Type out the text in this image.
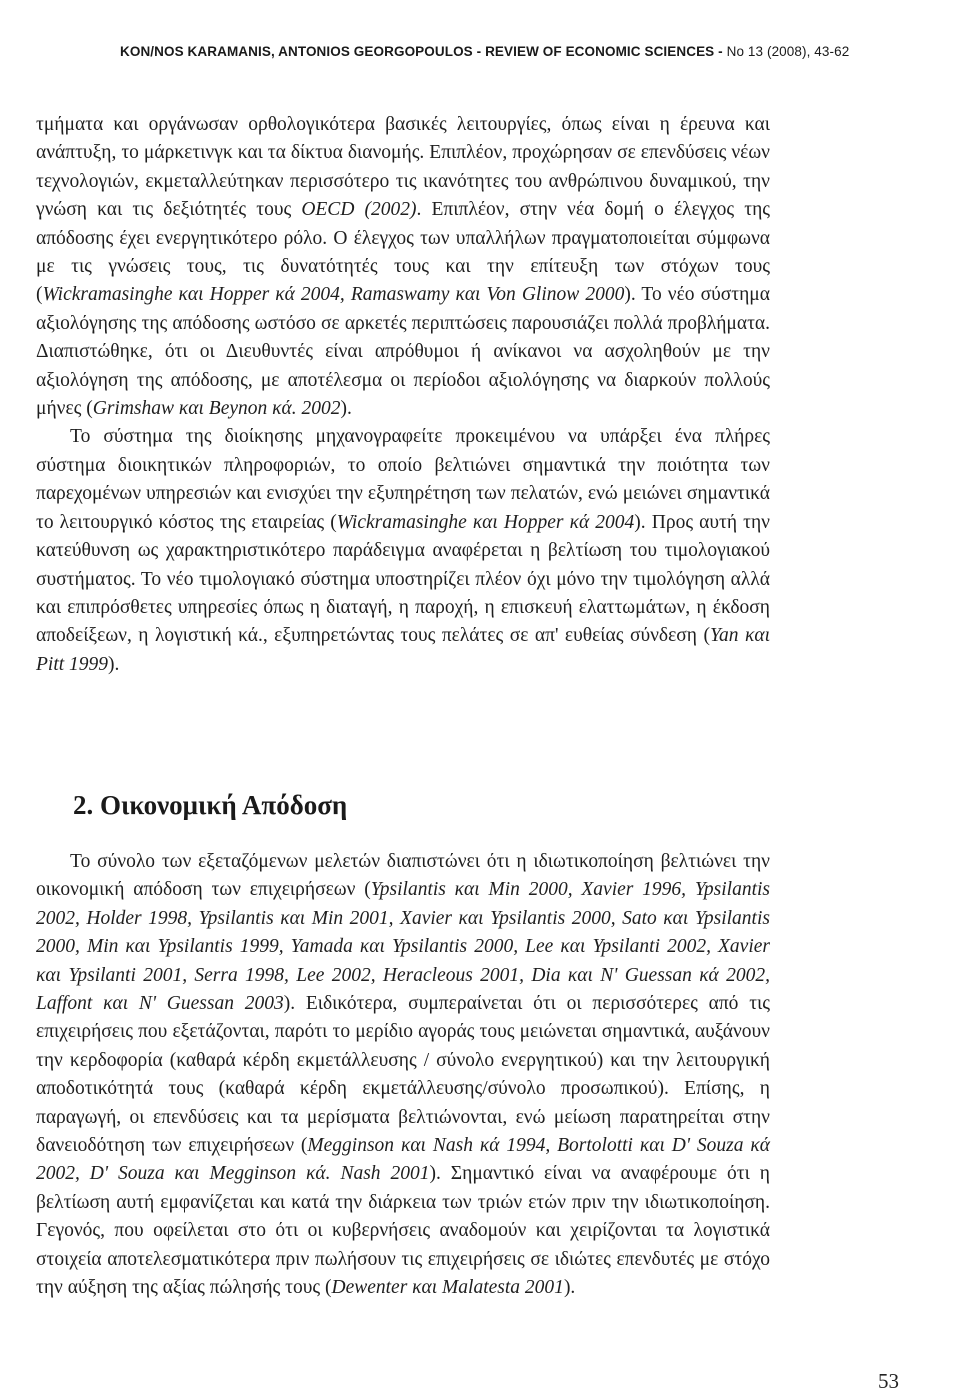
KON/NOS KARAMANIS, ANTONIOS GEORGOPOULOS - REVIEW OF ECONOMIC SCIENCES - No 13 (2008), 43-62

τμήματα και οργάνωσαν ορθολογικότερα βασικές λειτουργίες, όπως είναι η έρευνα και ανάπτυξη, το μάρκετινγκ και τα δίκτυα διανομής. Επιπλέον, προχώρησαν σε επενδύσεις νέων τεχνολογιών, εκμεταλλεύτηκαν περισσότερο τις ικανότητες του ανθρώπινου δυναμικού, την γνώση και τις δεξιότητές τους OECD (2002). Επιπλέον, στην νέα δομή ο έλεγχος της απόδοσης έχει ενεργητικότερο ρόλο. Ο έλεγχος των υπαλλήλων πραγματοποιείται σύμφωνα με τις γνώσεις τους, τις δυνατότητές τους και την επίτευξη των στόχων τους (Wickramasinghe και Hopper κά 2004, Ramaswamy και Von Glinow 2000). Το νέο σύστημα αξιολόγησης της απόδοσης ωστόσο σε αρκετές περιπτώσεις παρουσιάζει πολλά προβλήματα. Διαπιστώθηκε, ότι οι Διευθυντές είναι απρόθυμοι ή ανίκανοι να ασχοληθούν με την αξιολόγηση της απόδοσης, με αποτέλεσμα οι περίοδοι αξιολόγησης να διαρκούν πολλούς μήνες (Grimshaw και Beynon κά. 2002).

Το σύστημα της διοίκησης μηχανογραφείτε προκειμένου να υπάρξει ένα πλήρες σύστημα διοικητικών πληροφοριών, το οποίο βελτιώνει σημαντικά την ποιότητα των παρεχομένων υπηρεσιών και ενισχύει την εξυπηρέτηση των πελατών, ενώ μειώνει σημαντικά το λειτουργικό κόστος της εταιρείας (Wickramasinghe και Hopper κά 2004). Προς αυτή την κατεύθυνση ως χαρακτηριστικότερο παράδειγμα αναφέρεται η βελτίωση του τιμολογιακού συστήματος. Το νέο τιμολογιακό σύστημα υποστηρίζει πλέον όχι μόνο την τιμολόγηση αλλά και επιπρόσθετες υπηρεσίες όπως η διαταγή, η παροχή, η επισκευή ελαττωμάτων, η έκδοση αποδείξεων, η λογιστική κά., εξυπηρετώντας τους πελάτες σε απ' ευθείας σύνδεση (Yan και Pitt 1999).

2. Οικονομική Απόδοση

Το σύνολο των εξεταζόμενων μελετών διαπιστώνει ότι η ιδιωτικοποίηση βελτιώνει την οικονομική απόδοση των επιχειρήσεων (Ypsilantis και Min 2000, Xavier 1996, Ypsilantis 2002, Holder 1998, Ypsilantis και Min 2001, Xavier και Ypsilantis 2000, Sato και Ypsilantis 2000, Min και Ypsilantis 1999, Yamada και Ypsilantis 2000, Lee και Ypsilanti 2002, Xavier και Ypsilanti 2001, Serra 1998, Lee 2002, Heracleous 2001, Dia και N' Guessan κά 2002, Laffont και N' Guessan 2003). Ειδικότερα, συμπεραίνεται ότι οι περισσότερες από τις επιχειρήσεις που εξετάζονται, παρότι το μερίδιο αγοράς τους μειώνεται σημαντικά, αυξάνουν την κερδοφορία (καθαρά κέρδη εκμετάλλευσης / σύνολο ενεργητικού) και την λειτουργική αποδοτικότητά τους (καθαρά κέρδη εκμετάλλευσης/σύνολο προσωπικού). Επίσης, η παραγωγή, οι επενδύσεις και τα μερίσματα βελτιώνονται, ενώ μείωση παρατηρείται στην δανειοδότηση των επιχειρήσεων (Megginson και Nash κά 1994, Bortolotti και D' Souza κά 2002, D' Souza και Megginson κά. Nash 2001). Σημαντικό είναι να αναφέρουμε ότι η βελτίωση αυτή εμφανίζεται και κατά την διάρκεια των τριών ετών πριν την ιδιωτικοποίηση. Γεγονός, που οφείλεται στο ότι οι κυβερνήσεις αναδομούν και χειρίζονται τα λογιστικά στοιχεία αποτελεσματικότερα πριν πωλήσουν τις επιχειρήσεις σε ιδιώτες επενδυτές με στόχο την αύξηση της αξίας πώλησής τους (Dewenter και Malatesta 2001).

53
